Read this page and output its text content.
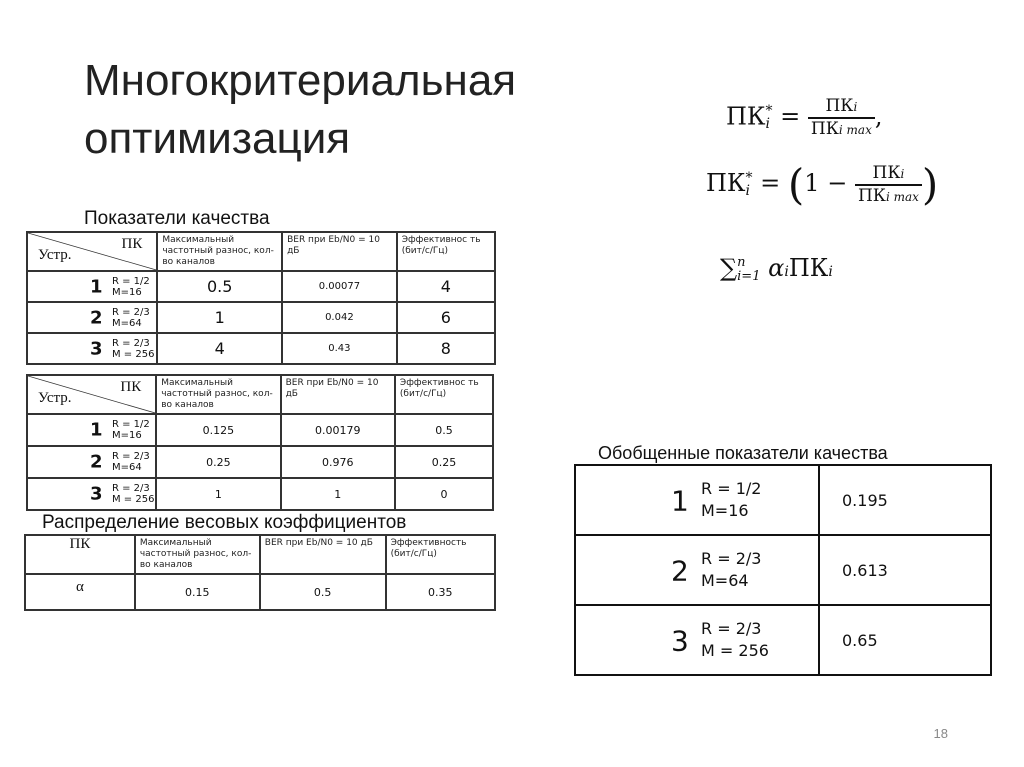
Многокритериальная
оптимизация	ПК *
$i = \frac{\text{ПКi}}{\text{ПКi max}}$ ,
ПК *
$i = (1 - \frac{\text{ПКi}}{\text{ПКi max}}$ )
∑ n
i=1 αiПКi
Показатели качества
Устр.
ПК	Максимальный частотный разнос, кол-во каналов	BER при Eb/N0 = 10 дБ	Эффективнос ть (бит/с/Гц)

1 R = 1/2
M=16	0.5	0.00077	4

2 R = 2/3
M=64	1	0.042	6

3 R = 2/3
M = 256	4	0.43	8
Устр.
ПК	Максимальный частотный разнос, кол-во каналов	BER при Eb/N0 = 10 дБ	Эффективнос ть (бит/с/Гц)

1 R = 1/2
M=16	0.125	0.00179	0.5

2 R = 2/3
M=64	0.25	0.976	0.25

3 R = 2/3
M = 256	1	1	0
Распределение весовых коэффициентов
ПК	Максимальный частотный разнос, кол-во каналов	BER при Eb/N0 = 10 дБ	Эффективность (бит/с/Гц)
α	0.15	0.5	0.35
Обобщенные показатели качества
1 R = 1/2
M=16	0.195

2 R = 2/3
M=64	0.613

3 R = 2/3
M = 256	0.65
18
